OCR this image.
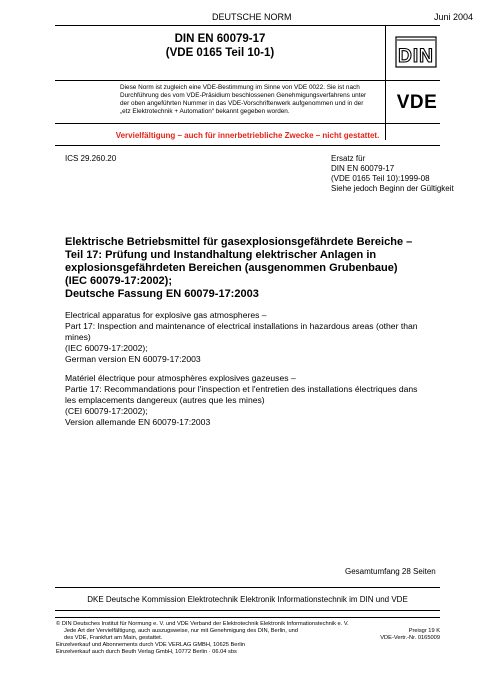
DEUTSCHE NORM	Juni 2004
DIN EN 60079-17
(VDE 0165 Teil 10-1)	DIN
Diese Norm ist zugleich eine VDE-Bestimmung im Sinne von VDE 0022. Sie ist nach
Durchführung des vom VDE-Präsidium beschlossenen Genehmigungsverfahrens unter
der oben angeführten Nummer in das VDE-Vorschriftenwerk aufgenommen und in der
„etz Elektrotechnik + Automation“ bekannt gegeben worden.	VDE
Vervielfältigung – auch für innerbetriebliche Zwecke – nicht gestattet.
ICS 29.260.20	Ersatz für
DIN EN 60079-17
(VDE 0165 Teil 10):1999-08
Siehe jedoch Beginn der Gültigkeit
Elektrische Betriebsmittel für gasexplosionsgefährdete Bereiche –
Teil 17: Prüfung und Instandhaltung elektrischer Anlagen in
explosionsgefährdeten Bereichen (ausgenommen Grubenbaue)
(IEC 60079-17:2002);
Deutsche Fassung EN 60079-17:2003
Electrical apparatus for explosive gas atmospheres –
Part 17: Inspection and maintenance of electrical installations in hazardous areas (other than
mines)
(IEC 60079-17:2002);
German version EN 60079-17:2003
Matériel électrique pour atmosphères explosives gazeuses –
Partie 17: Recommandations pour l'inspection et l'entretien des installations électriques dans
les emplacements dangereux (autres que les mines)
(CEI 60079-17:2002);
Version allemande EN 60079-17:2003
Gesamtumfang 28 Seiten
DKE Deutsche Kommission Elektrotechnik Elektronik Informationstechnik im DIN und VDE
© DIN Deutsches Institut für Normung e. V. und VDE Verband der Elektrotechnik Elektronik Informationstechnik e. V.
Jede Art der Vervielfältigung, auch auszugsweise, nur mit Genehmigung des DIN, Berlin, und
des VDE, Frankfurt am Main, gestattet.
Einzelverkauf und Abonnements durch VDE VERLAG GMBH, 10625 Berlin
Einzelverkauf auch durch Beuth Verlag GmbH, 10772 Berlin · 06.04 sbs
Preisgr 19 K
VDE-Vertr.-Nr. 0165009
